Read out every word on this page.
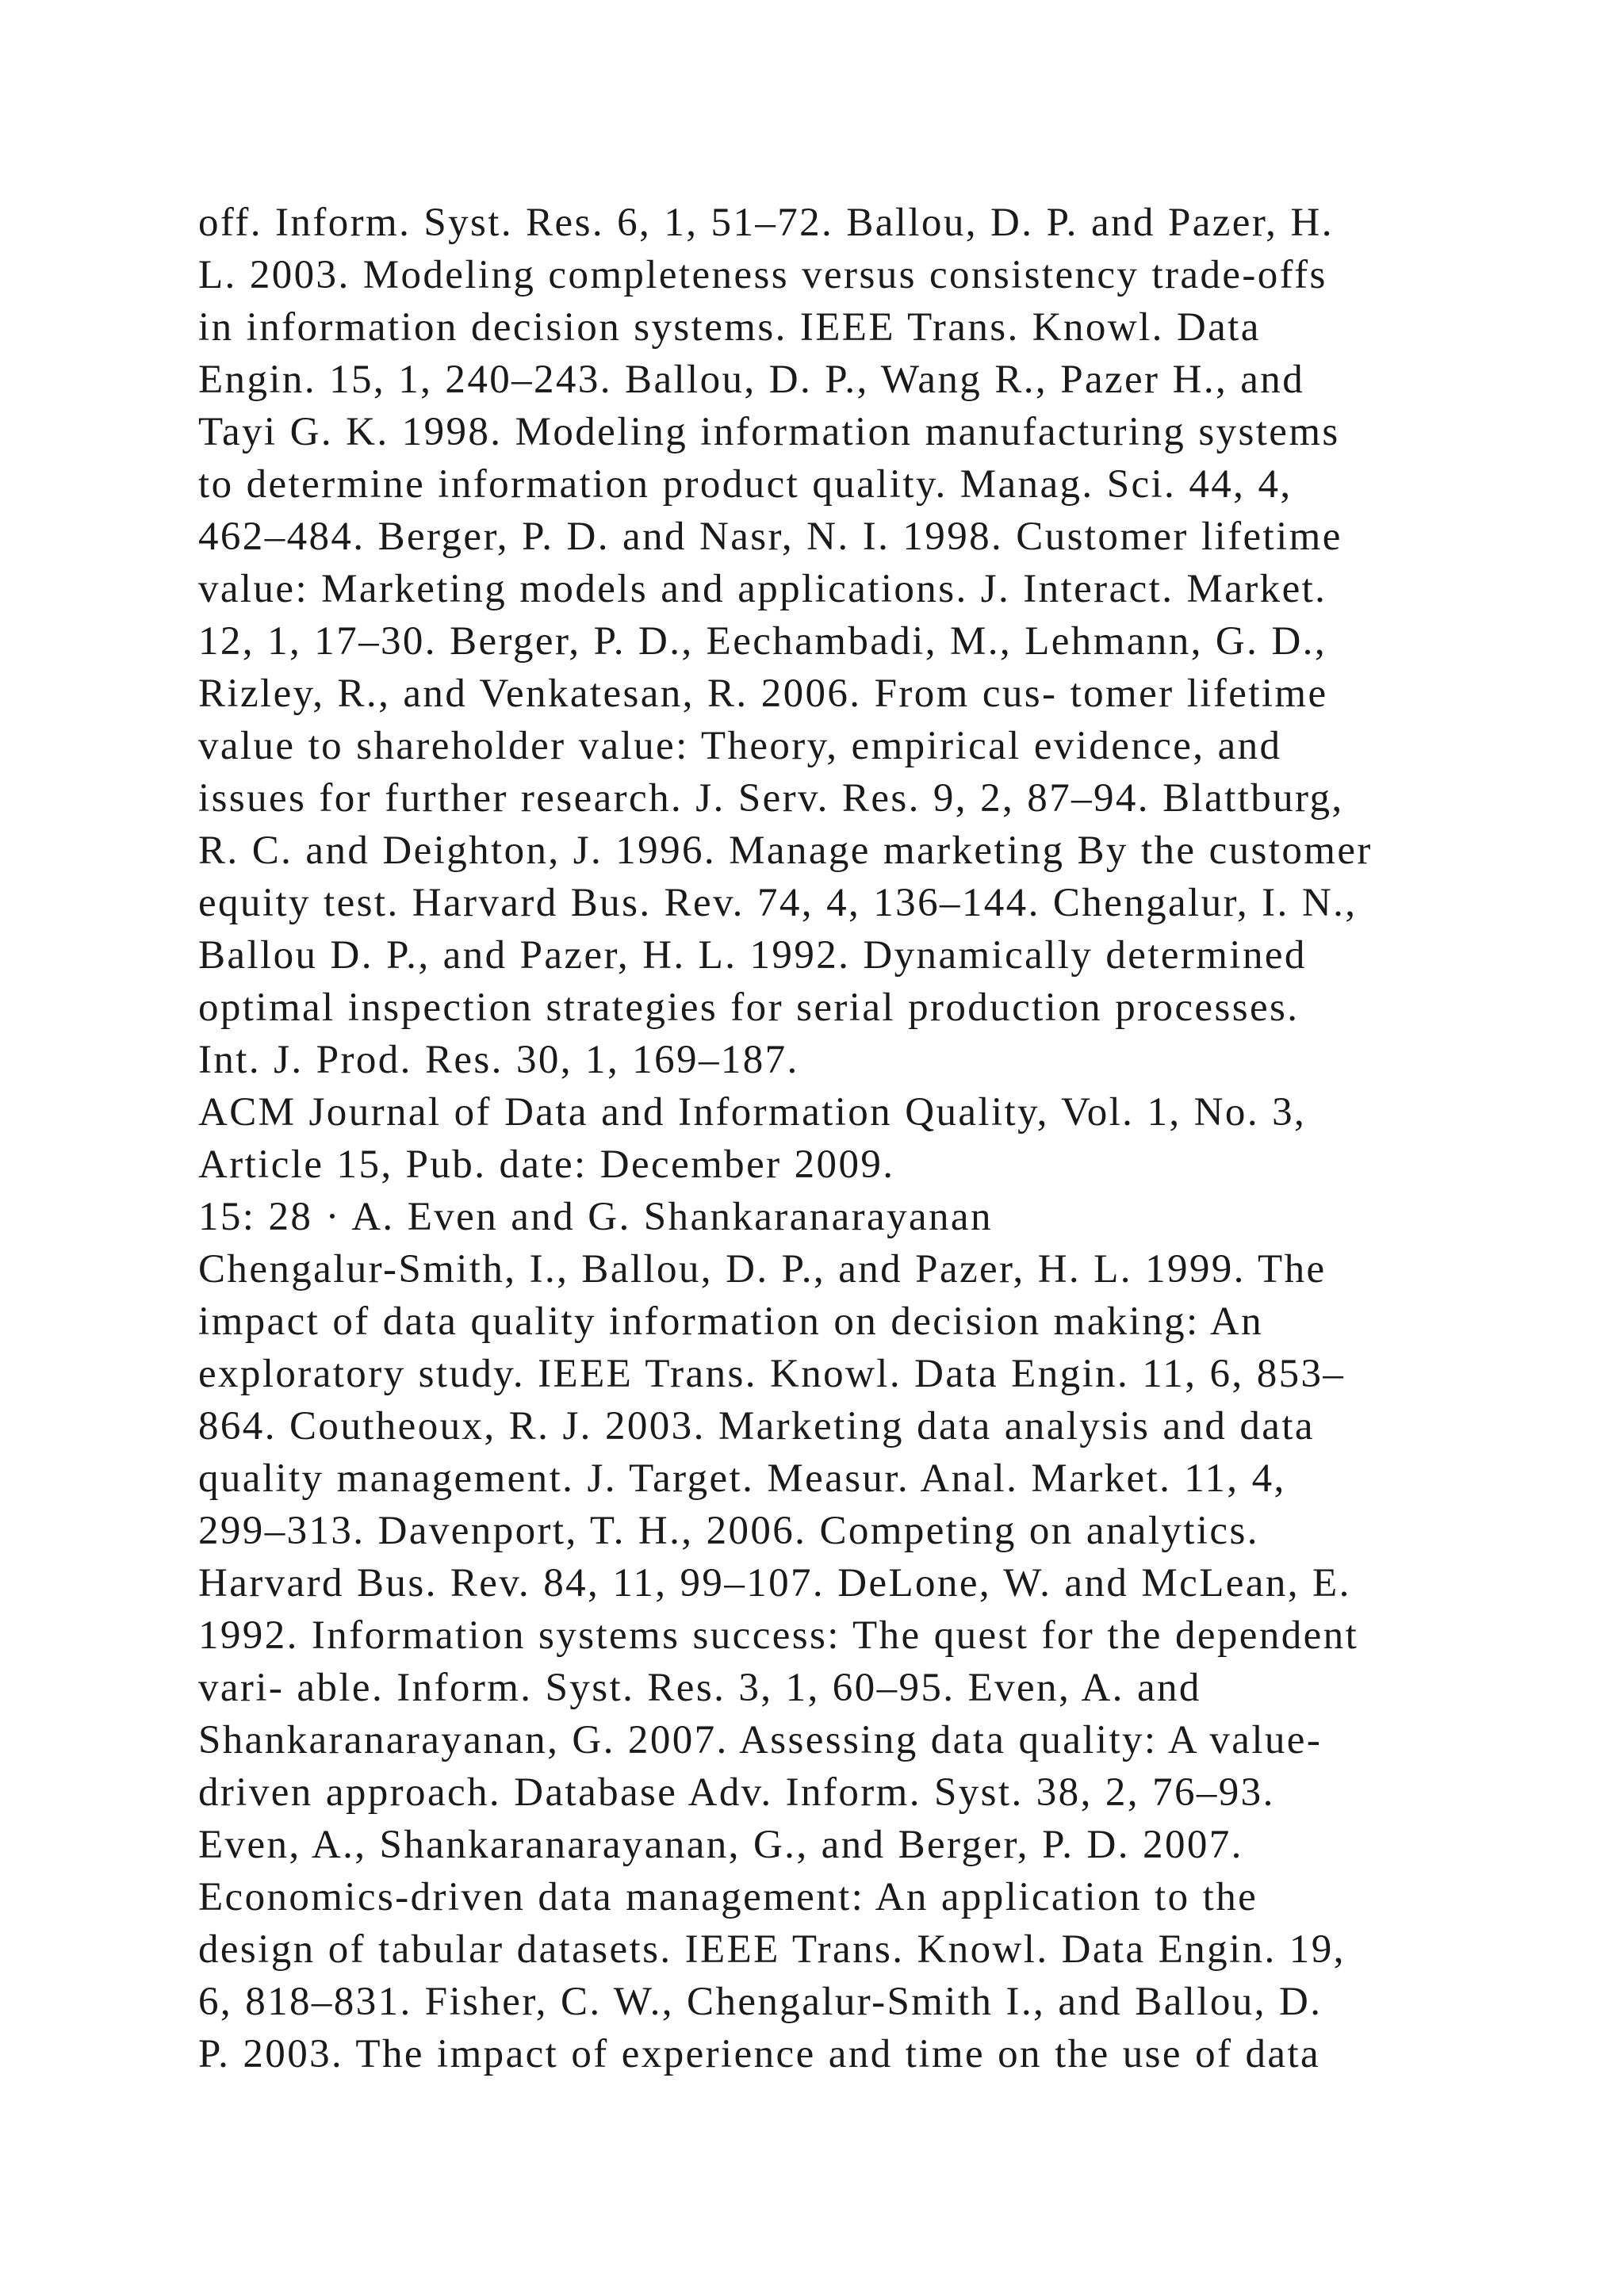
off. Inform. Syst. Res. 6, 1, 51–72. Ballou, D. P. and Pazer, H.
L. 2003. Modeling completeness versus consistency trade-offs
in information decision systems. IEEE Trans. Knowl. Data
Engin. 15, 1, 240–243. Ballou, D. P., Wang R., Pazer H., and
Tayi G. K. 1998. Modeling information manufacturing systems
to determine information product quality. Manag. Sci. 44, 4,
462–484. Berger, P. D. and Nasr, N. I. 1998. Customer lifetime
value: Marketing models and applications. J. Interact. Market.
12, 1, 17–30. Berger, P. D., Eechambadi, M., Lehmann, G. D.,
Rizley, R., and Venkatesan, R. 2006. From cus- tomer lifetime
value to shareholder value: Theory, empirical evidence, and
issues for further research. J. Serv. Res. 9, 2, 87–94. Blattburg,
R. C. and Deighton, J. 1996. Manage marketing By the customer
equity test. Harvard Bus. Rev. 74, 4, 136–144. Chengalur, I. N.,
Ballou D. P., and Pazer, H. L. 1992. Dynamically determined
optimal inspection strategies for serial production processes.
Int. J. Prod. Res. 30, 1, 169–187.
ACM Journal of Data and Information Quality, Vol. 1, No. 3,
Article 15, Pub. date: December 2009.
15: 28 · A. Even and G. Shankaranarayanan
Chengalur-Smith, I., Ballou, D. P., and Pazer, H. L. 1999. The
impact of data quality information on decision making: An
exploratory study. IEEE Trans. Knowl. Data Engin. 11, 6, 853–
864. Coutheoux, R. J. 2003. Marketing data analysis and data
quality management. J. Target. Measur. Anal. Market. 11, 4,
299–313. Davenport, T. H., 2006. Competing on analytics.
Harvard Bus. Rev. 84, 11, 99–107. DeLone, W. and McLean, E.
1992. Information systems success: The quest for the dependent
vari- able. Inform. Syst. Res. 3, 1, 60–95. Even, A. and
Shankaranarayanan, G. 2007. Assessing data quality: A value-
driven approach. Database Adv. Inform. Syst. 38, 2, 76–93.
Even, A., Shankaranarayanan, G., and Berger, P. D. 2007.
Economics-driven data management: An application to the
design of tabular datasets. IEEE Trans. Knowl. Data Engin. 19,
6, 818–831. Fisher, C. W., Chengalur-Smith I., and Ballou, D.
P. 2003. The impact of experience and time on the use of data
